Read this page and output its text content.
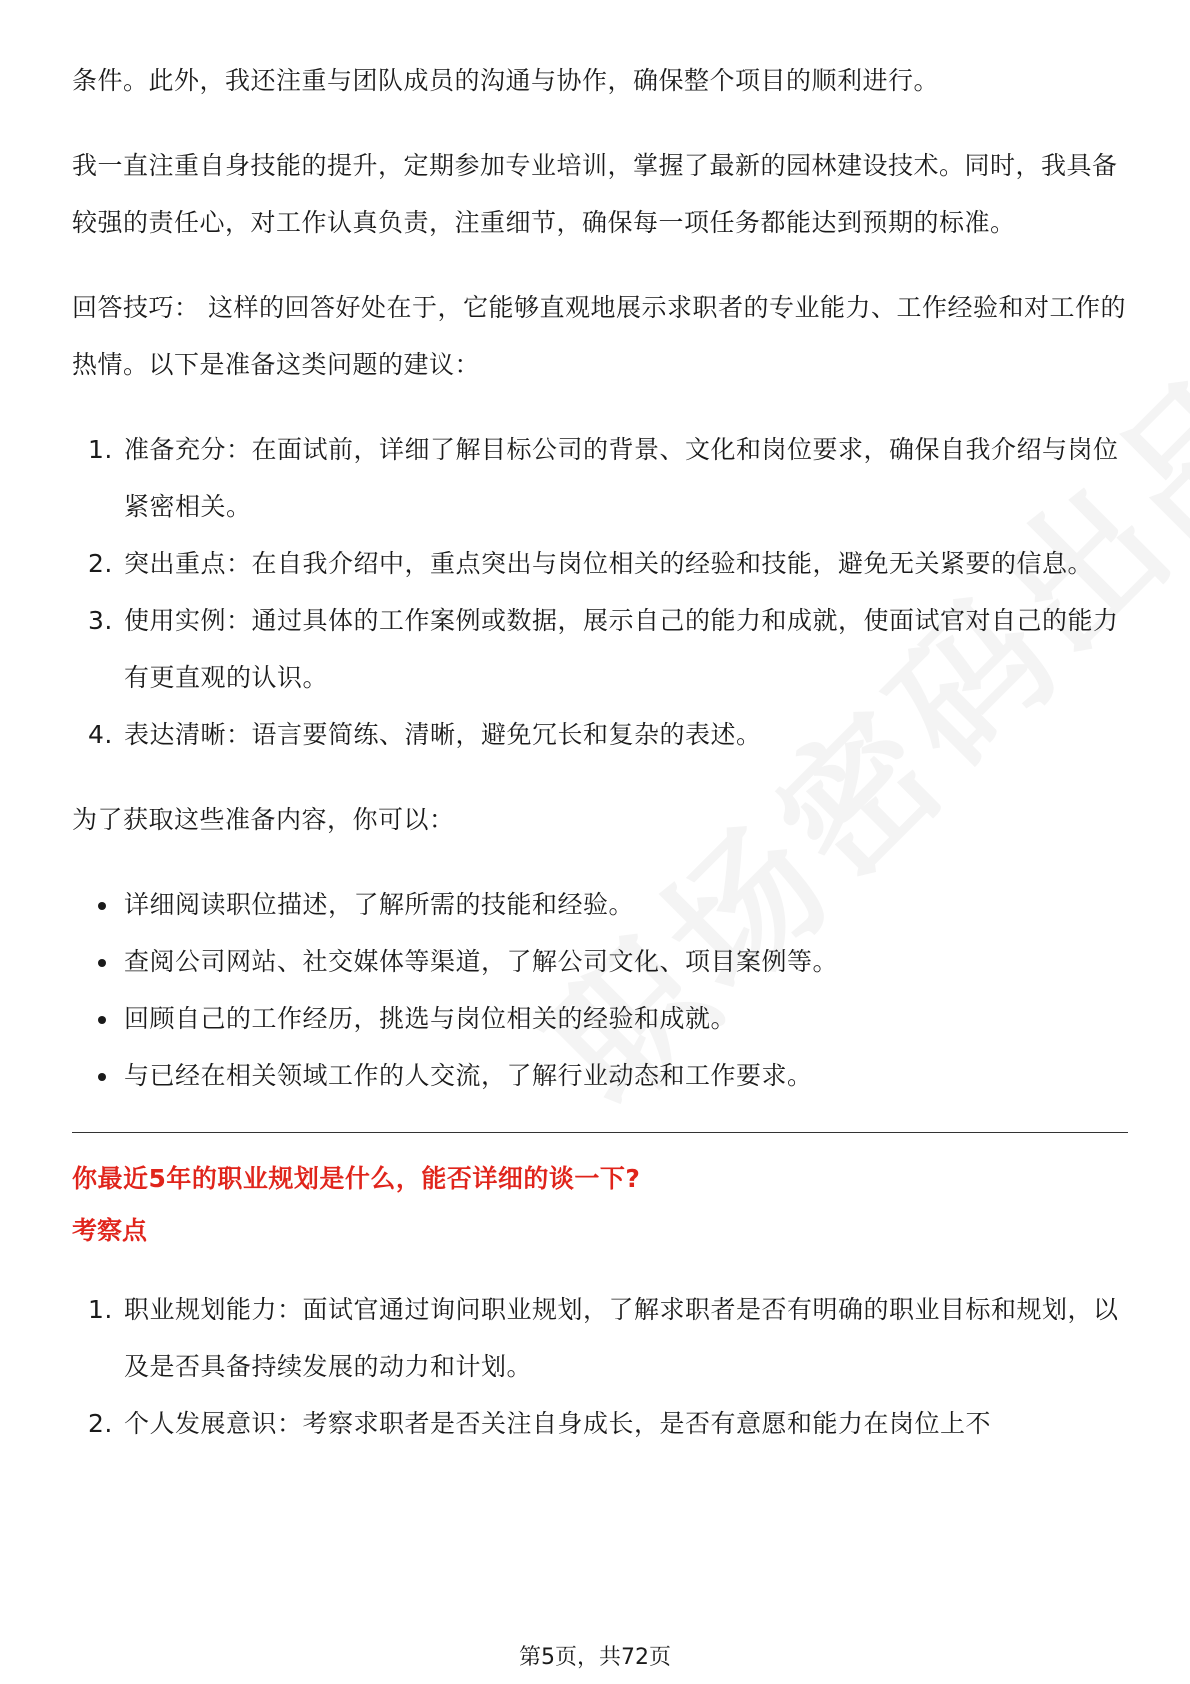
条件。此外，我还注重与团队成员的沟通与协作，确保整个项目的顺利进行。

我一直注重自身技能的提升，定期参加专业培训，掌握了最新的园林建设技术。同时，我具备较强的责任心，对工作认真负责，注重细节，确保每一项任务都能达到预期的标准。

回答技巧： 这样的回答好处在于，它能够直观地展示求职者的专业能力、工作经验和对工作的热情。以下是准备这类问题的建议：

1. 准备充分：在面试前，详细了解目标公司的背景、文化和岗位要求，确保自我介绍与岗位紧密相关。
2. 突出重点：在自我介绍中，重点突出与岗位相关的经验和技能，避免无关紧要的信息。
3. 使用实例：通过具体的工作案例或数据，展示自己的能力和成就，使面试官对自己的能力有更直观的认识。
4. 表达清晰：语言要简练、清晰，避免冗长和复杂的表述。

为了获取这些准备内容，你可以：

详细阅读职位描述，了解所需的技能和经验。
查阅公司网站、社交媒体等渠道，了解公司文化、项目案例等。
回顾自己的工作经历，挑选与岗位相关的经验和成就。
与已经在相关领域工作的人交流，了解行业动态和工作要求。
你最近5年的职业规划是什么，能否详细的谈一下?
考察点
1. 职业规划能力：面试官通过询问职业规划，了解求职者是否有明确的职业目标和规划，以及是否具备持续发展的动力和计划。
2. 个人发展意识：考察求职者是否关注自身成长，是否有意愿和能力在岗位上不
第5页，共72页
